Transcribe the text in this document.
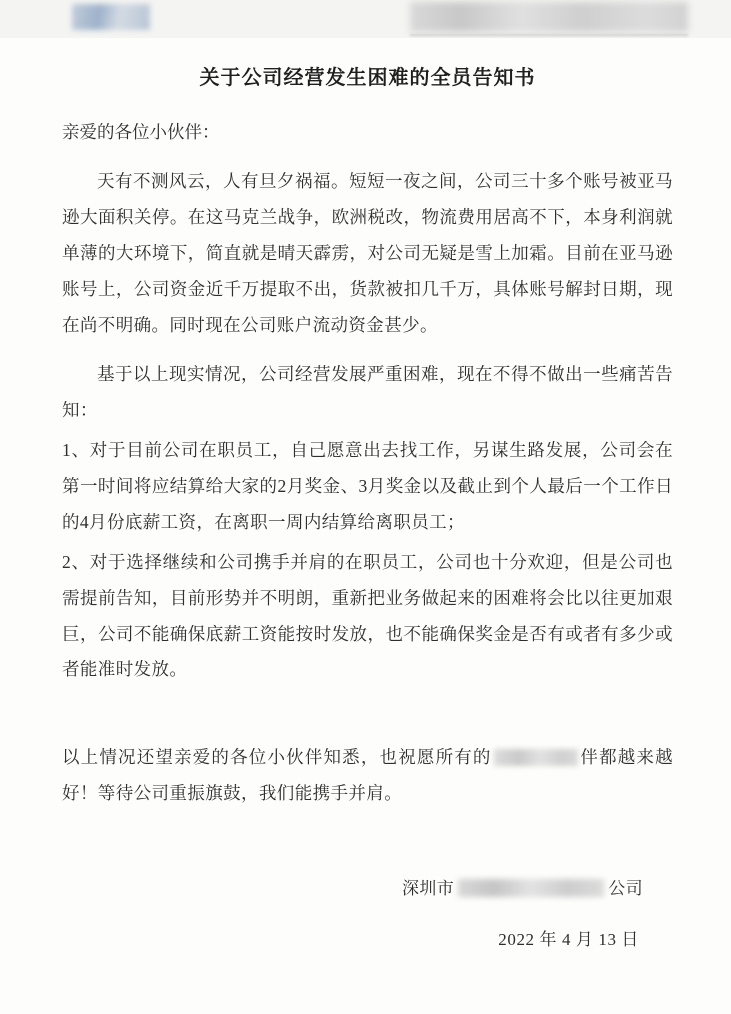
关于公司经营发生困难的全员告知书

亲爱的各位小伙伴：

天有不测风云，人有旦夕祸福。短短一夜之间，公司三十多个账号被亚马逊大面积关停。在这马克兰战争，欧洲税改，物流费用居高不下，本身利润就单薄的大环境下，简直就是晴天霹雳，对公司无疑是雪上加霜。目前在亚马逊账号上，公司资金近千万提取不出，货款被扣几千万，具体账号解封日期，现在尚不明确。同时现在公司账户流动资金甚少。

基于以上现实情况，公司经营发展严重困难，现在不得不做出一些痛苦告知：

1、对于目前公司在职员工，自己愿意出去找工作，另谋生路发展，公司会在第一时间将应结算给大家的2月奖金、3月奖金以及截止到个人最后一个工作日的4月份底薪工资，在离职一周内结算给离职员工；

2、对于选择继续和公司携手并肩的在职员工，公司也十分欢迎，但是公司也需提前告知，目前形势并不明朗，重新把业务做起来的困难将会比以往更加艰巨，公司不能确保底薪工资能按时发放，也不能确保奖金是否有或者有多少或者能准时发放。

以上情况还望亲爱的各位小伙伴知悉，也祝愿所有的	伴都越来越好！等待公司重振旗鼓，我们能携手并肩。

深圳市	公司
2022 年 4 月 13 日
